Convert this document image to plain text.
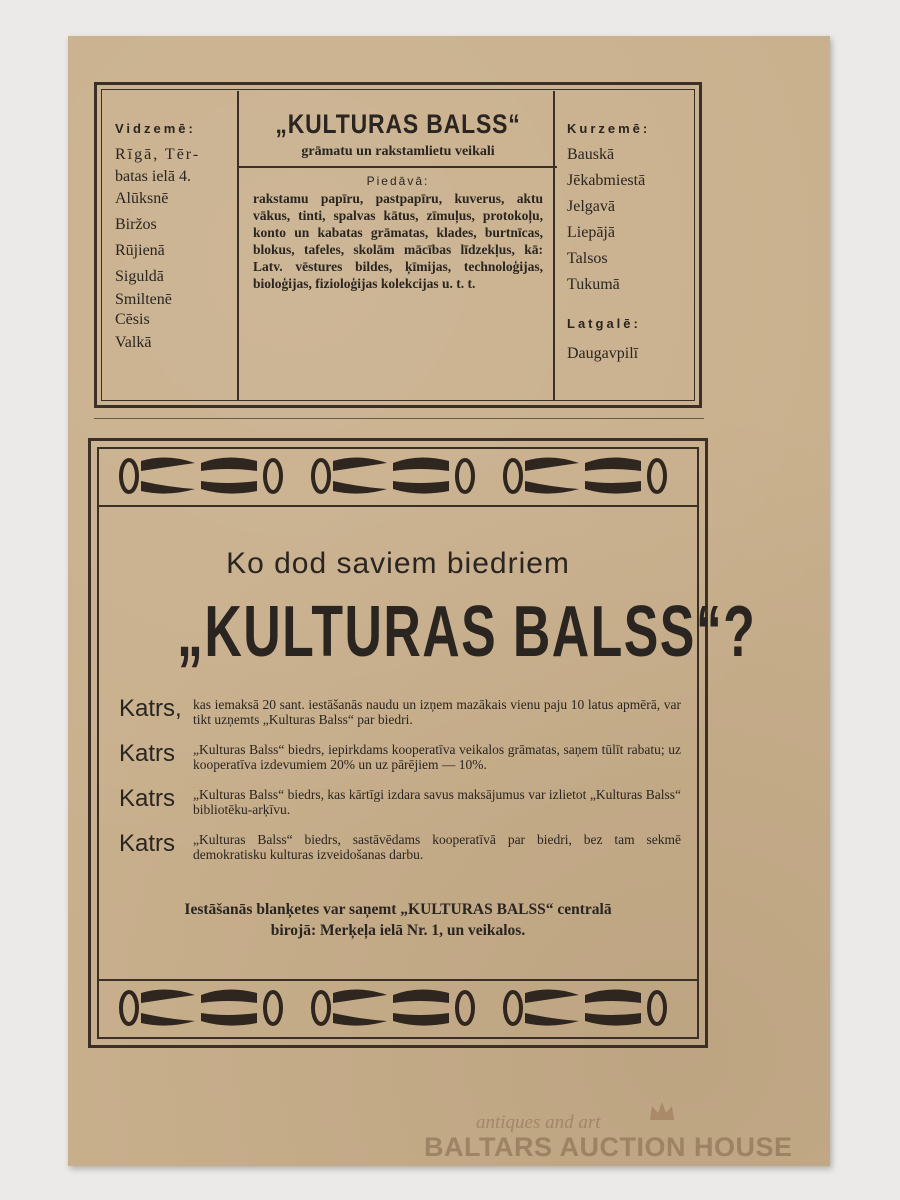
Vidzemē:

Rīgā, Tēr-

batas ielā 4.

Alūksnē

Biržos

Rūjienā

Siguldā

Smiltenē

Cēsis

Valkā

„KULTURAS BALSS“
grāmatu un rakstamlietu veikali
Piedāvā:
rakstamu papīru, pastpapīru, kuverus, aktu vākus, tinti, spalvas kātus, zīmuļus, protokoļu, konto un kabatas grāmatas, klades, burtnīcas, blokus, tafeles, skolām mācības līdzekļus, kā: Latv. vēstures bildes, ķīmijas, technoloģijas, bioloģijas, fizioloģijas kolekcijas u. t. t.

Kurzemē:

Bauskā

Jēkabmiestā

Jelgavā

Liepājā

Talsos

Tukumā

Latgalē:

Daugavpilī

Ko dod saviem biedriem
„KULTURAS BALSS“?
Katrs, kas iemaksā 20 sant. iestāšanās naudu un izņem mazākais vienu paju 10 latus apmērā, var tikt uzņemts „Kulturas Balss“ par biedri.
Katrs	„Kulturas Balss“ biedrs, iepirkdams kooperatīva veikalos grāmatas, saņem tūlīt rabatu; uz kooperatīva izdevumiem 20% un uz pārējiem — 10%.
Katrs	„Kulturas Balss“ biedrs, kas kārtīgi izdara savus maksājumus var izlietot „Kulturas Balss“ bibliotēku-arķīvu.
Katrs	„Kulturas Balss“ biedrs, sastāvēdams kooperatīvā par biedri, bez tam sekmē demokratisku kulturas izveidošanas darbu.
Iestāšanās blanķetes var saņemt „KULTURAS BALSS“ centralā
birojā: Merķeļa ielā Nr. 1, un veikalos.
antiques and art
BALTARS AUCTION HOUSE
